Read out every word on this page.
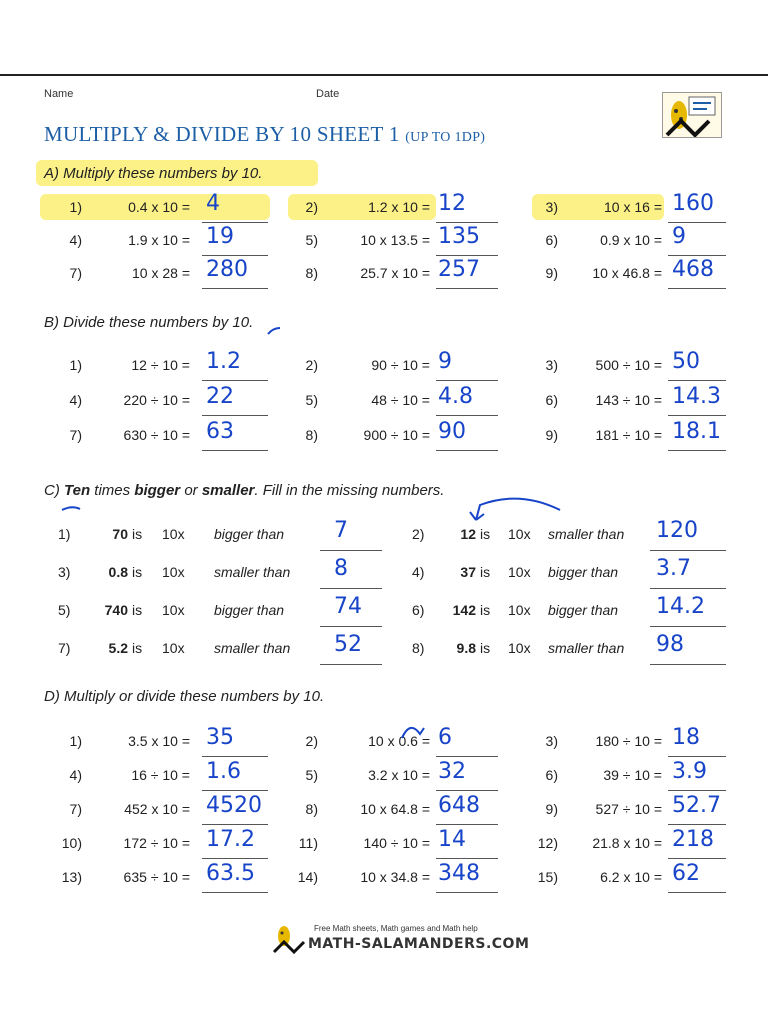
Name	Date
MULTIPLY & DIVIDE BY 10 SHEET 1 (UP TO 1DP)
A) Multiply these numbers by 10.
1)	0.4 x 10 = 4	2)	1.2 x 10 = 12	3)	10 x 16 = 160
4)	1.9 x 10 = 19	5)	10 x 13.5 = 135	6)	0.9 x 10 = 9
7)	10 x 28 = 280	8)	25.7 x 10 = 257	9)	10 x 46.8 = 468
B) Divide these numbers by 10.
1)	12 ÷ 10 = 1.2	2)	90 ÷ 10 = 9	3)	500 ÷ 10 = 50
4)	220 ÷ 10 = 22	5)	48 ÷ 10 = 4.8	6)	143 ÷ 10 = 14.3
7)	630 ÷ 10 = 63	8)	900 ÷ 10 = 90	9)	181 ÷ 10 = 18.1
C) Ten times bigger or smaller. Fill in the missing numbers.
1)	70 is 10x bigger than 7	2)	12 is 10x smaller than 120
3)	0.8 is 10x smaller than 8	4)	37 is 10x bigger than 3.7
5)	740 is 10x bigger than 74	6)	142 is 10x bigger than 14.2
7)	5.2 is 10x smaller than 52	8)	9.8 is 10x smaller than 98
D) Multiply or divide these numbers by 10.
1)	3.5 x 10 = 35	2)	10 x 0.6 = 6	3)	180 ÷ 10 = 18
4)	16 ÷ 10 = 1.6	5)	3.2 x 10 = 32	6)	39 ÷ 10 = 3.9
7)	452 x 10 = 4520	8)	10 x 64.8 = 648	9)	527 ÷ 10 = 52.7
10)	172 ÷ 10 = 17.2	11)	140 ÷ 10 = 14	12)	21.8 x 10 = 218
13)	635 ÷ 10 = 63.5	14)	10 x 34.8 = 348	15)	6.2 x 10 = 62
Free Math sheets, Math games and Math help
MATH-SALAMANDERS.COM
